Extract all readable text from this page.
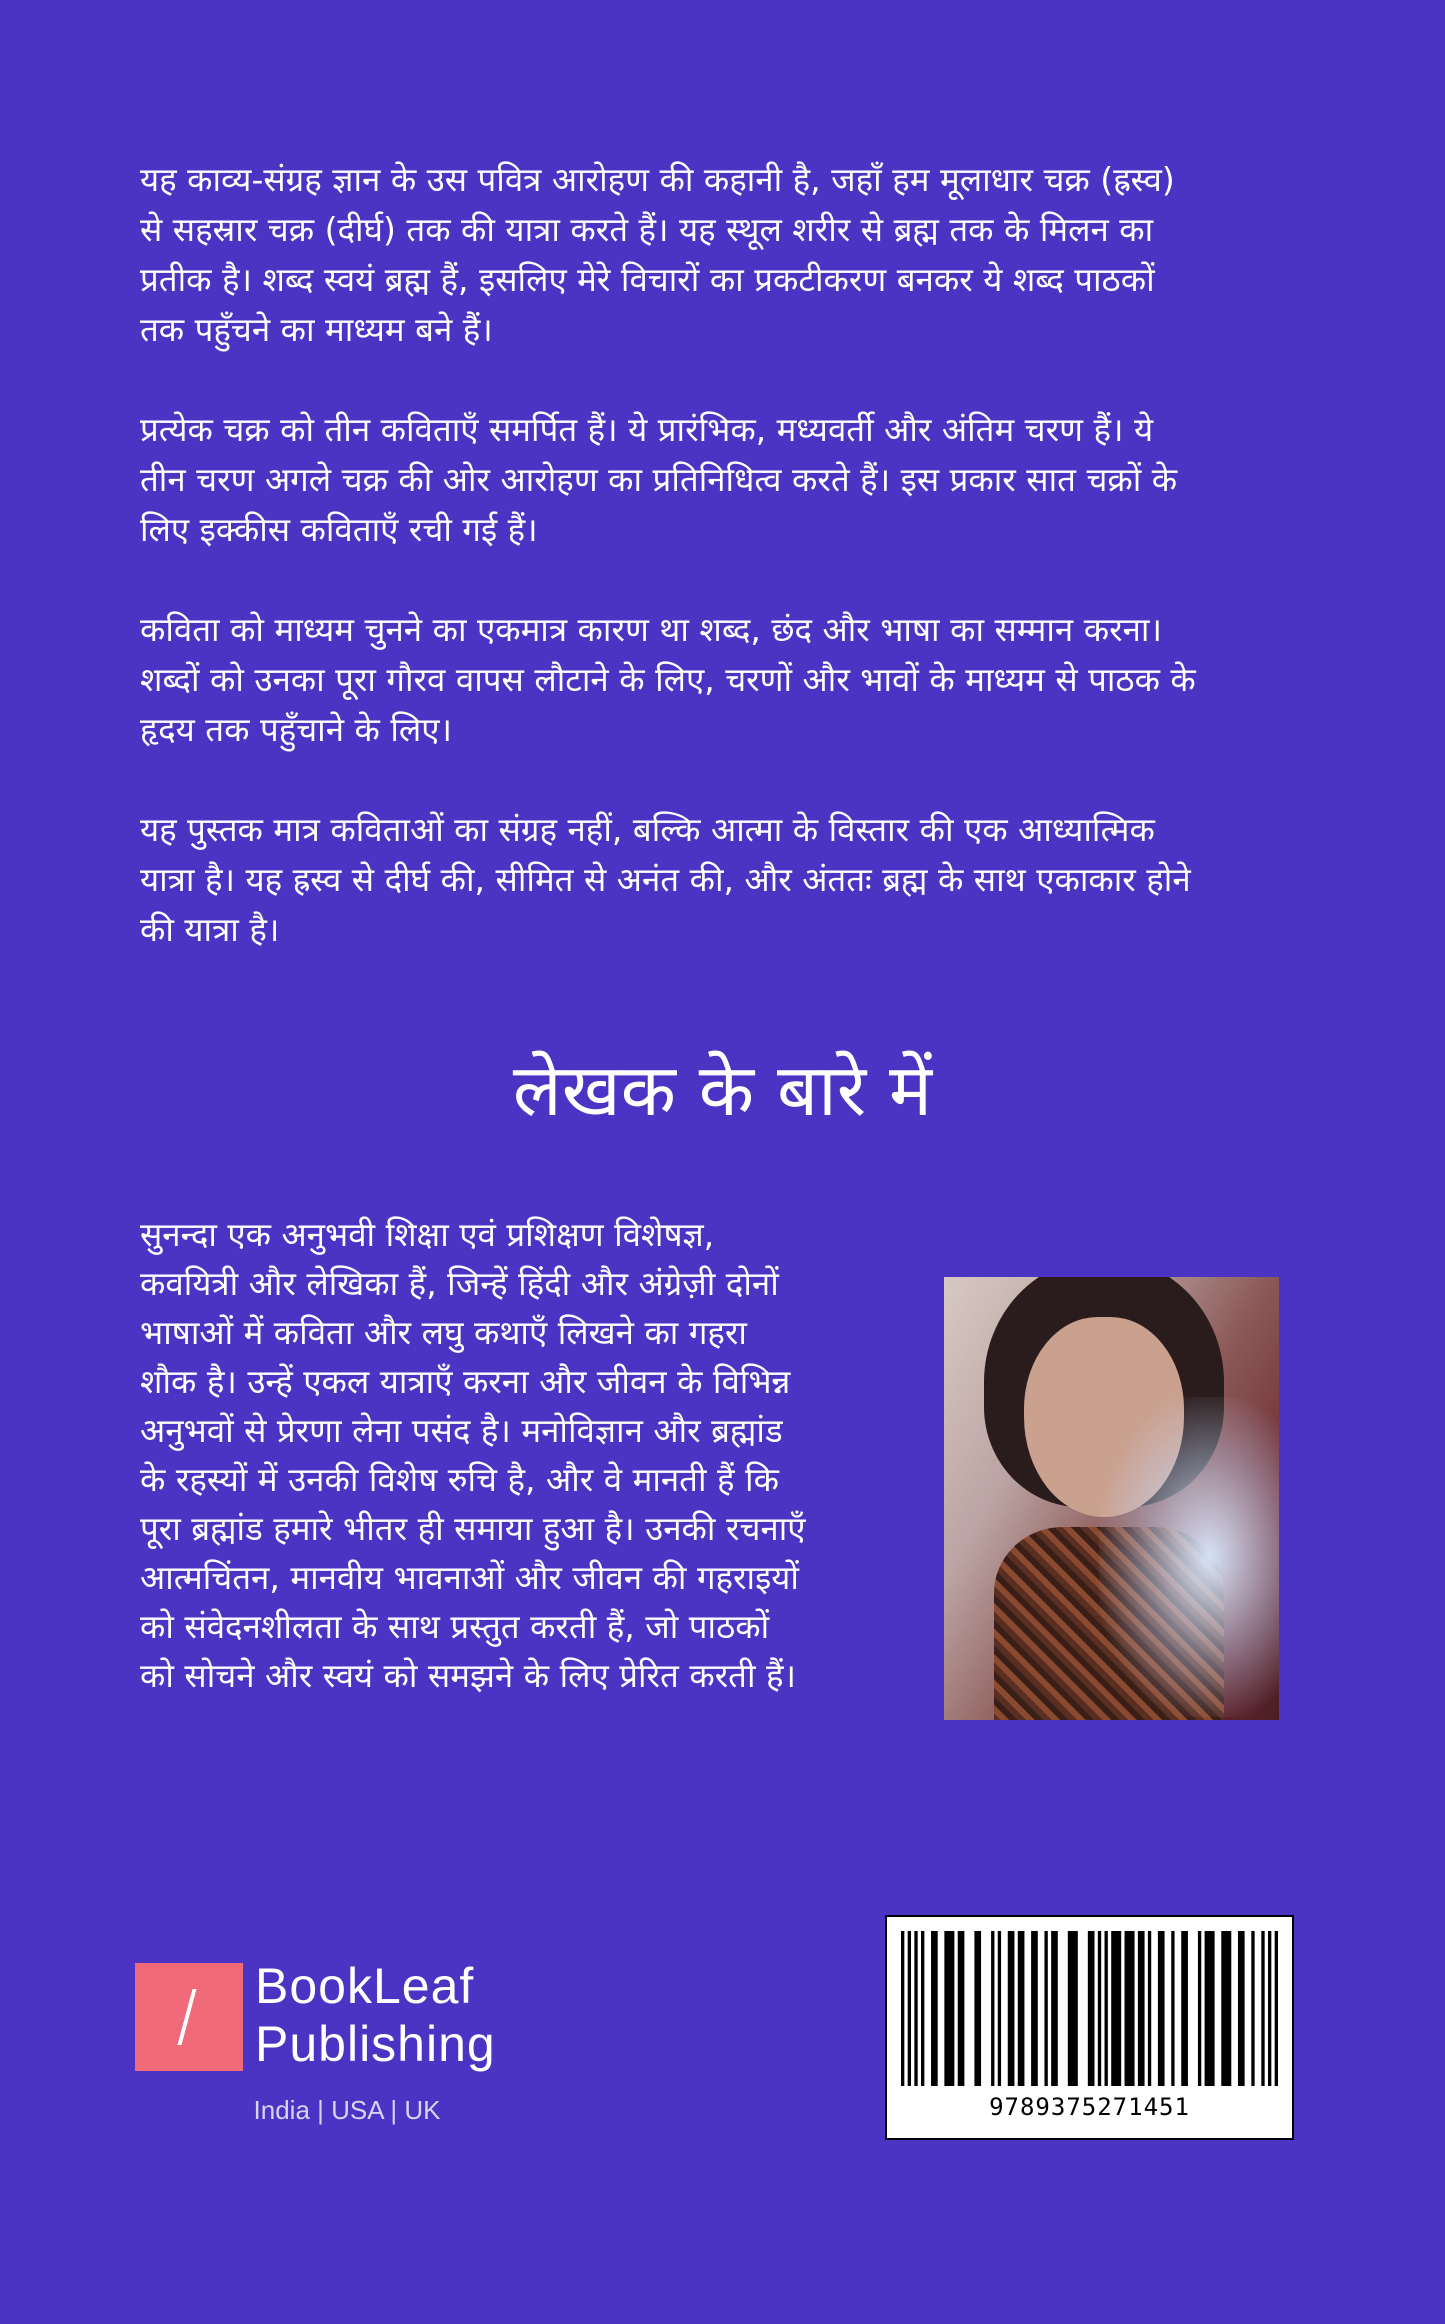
यह काव्य-संग्रह ज्ञान के उस पवित्र आरोहण की कहानी है, जहाँ हम मूलाधार चक्र (ह्रस्व) से सहस्रार चक्र (दीर्घ) तक की यात्रा करते हैं। यह स्थूल शरीर से ब्रह्म तक के मिलन का प्रतीक है। शब्द स्वयं ब्रह्म हैं, इसलिए मेरे विचारों का प्रकटीकरण बनकर ये शब्द पाठकों तक पहुँचने का माध्यम बने हैं।

प्रत्येक चक्र को तीन कविताएँ समर्पित हैं। ये प्रारंभिक, मध्यवर्ती और अंतिम चरण हैं। ये तीन चरण अगले चक्र की ओर आरोहण का प्रतिनिधित्व करते हैं। इस प्रकार सात चक्रों के लिए इक्कीस कविताएँ रची गई हैं।

कविता को माध्यम चुनने का एकमात्र कारण था शब्द, छंद और भाषा का सम्मान करना। शब्दों को उनका पूरा गौरव वापस लौटाने के लिए, चरणों और भावों के माध्यम से पाठक के हृदय तक पहुँचाने के लिए।

यह पुस्तक मात्र कविताओं का संग्रह नहीं, बल्कि आत्मा के विस्तार की एक आध्यात्मिक यात्रा है। यह ह्रस्व से दीर्घ की, सीमित से अनंत की, और अंततः ब्रह्म के साथ एकाकार होने की यात्रा है।

लेखक के बारे में

सुनन्दा एक अनुभवी शिक्षा एवं प्रशिक्षण विशेषज्ञ, कवयित्री और लेखिका हैं, जिन्हें हिंदी और अंग्रेज़ी दोनों भाषाओं में कविता और लघु कथाएँ लिखने का गहरा शौक है। उन्हें एकल यात्राएँ करना और जीवन के विभिन्न अनुभवों से प्रेरणा लेना पसंद है। मनोविज्ञान और ब्रह्मांड के रहस्यों में उनकी विशेष रुचि है, और वे मानती हैं कि पूरा ब्रह्मांड हमारे भीतर ही समाया हुआ है। उनकी रचनाएँ आत्मचिंतन, मानवीय भावनाओं और जीवन की गहराइयों को संवेदनशीलता के साथ प्रस्तुत करती हैं, जो पाठकों को सोचने और स्वयं को समझने के लिए प्रेरित करती हैं।

BookLeaf
Publishing
India | USA | UK	9789375271451
